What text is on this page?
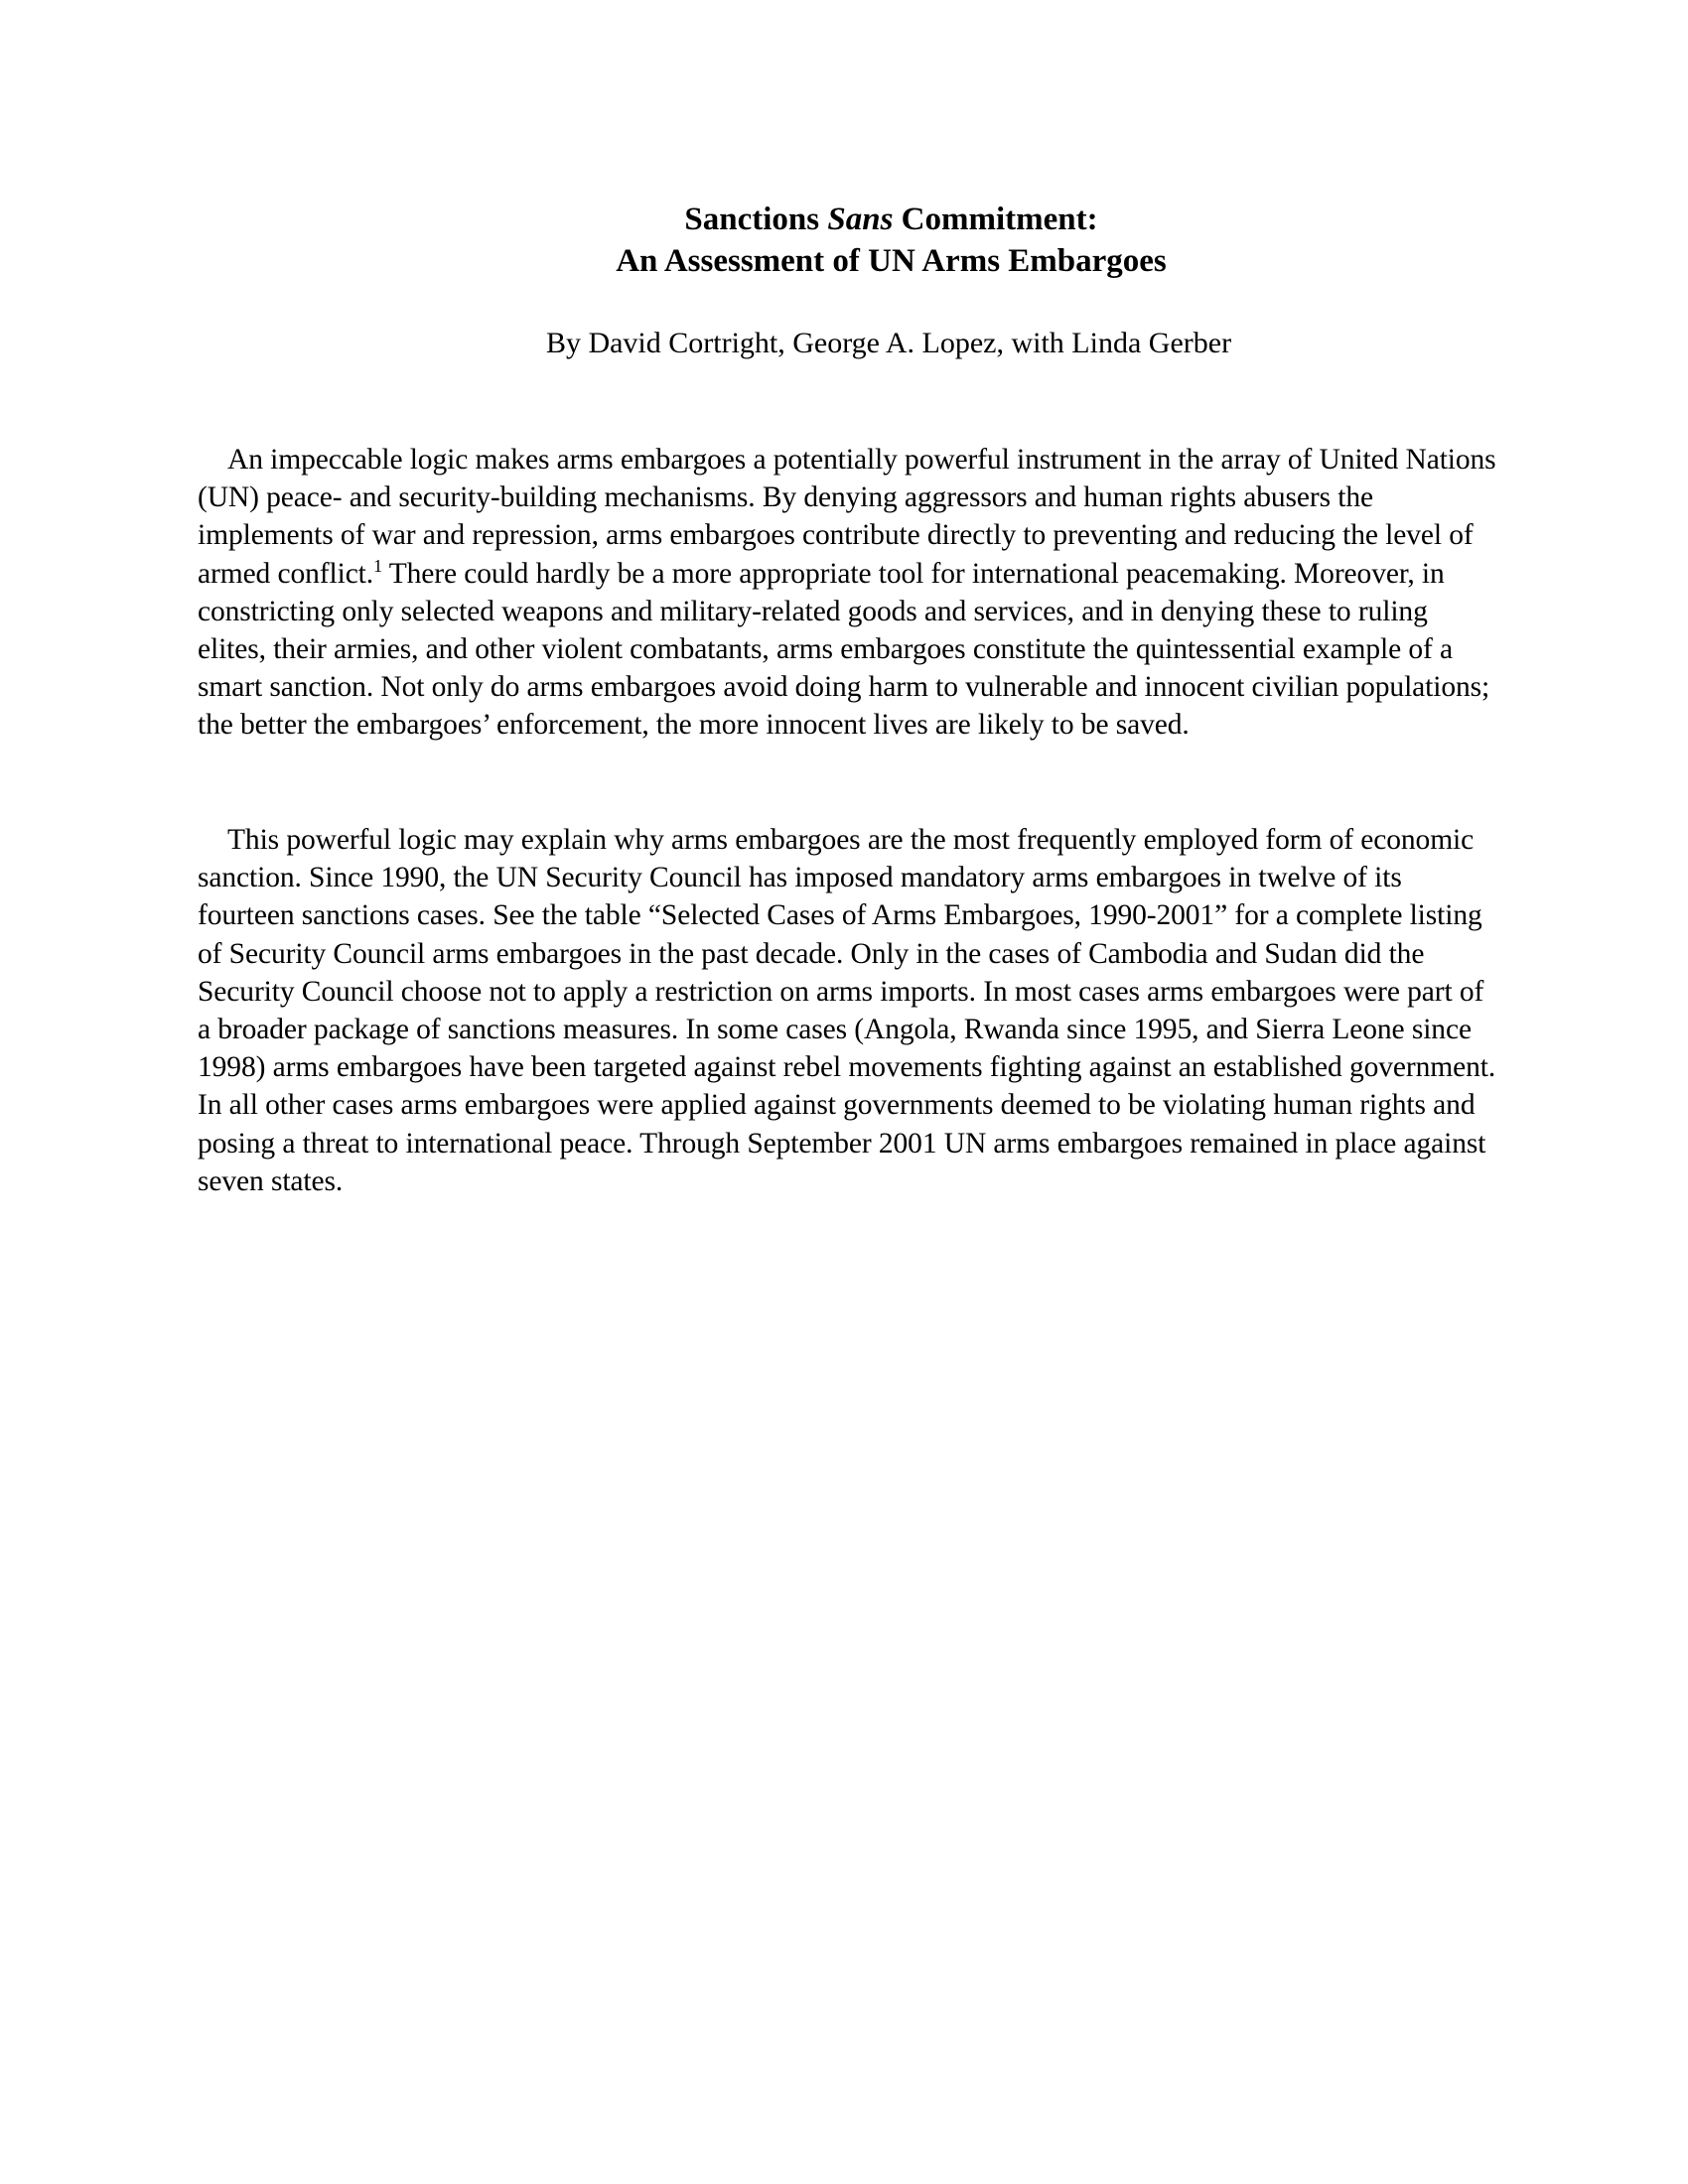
Sanctions Sans Commitment:

An Assessment of UN Arms Embargoes

By David Cortright, George A. Lopez, with Linda Gerber

An impeccable logic makes arms embargoes a potentially powerful instrument in the array of United Nations (UN) peace- and security-building mechanisms. By denying aggressors and human rights abusers the implements of war and repression, arms embargoes contribute directly to preventing and reducing the level of armed conflict.$^1$ There could hardly be a more appropriate tool for international peacemaking. Moreover, in constricting only selected weapons and military-related goods and services, and in denying these to ruling elites, their armies, and other violent combatants, arms embargoes constitute the quintessential example of a smart sanction. Not only do arms embargoes avoid doing harm to vulnerable and innocent civilian populations; the better the embargoes’ enforcement, the more innocent lives are likely to be saved.

This powerful logic may explain why arms embargoes are the most frequently employed form of economic sanction. Since 1990, the UN Security Council has imposed mandatory arms embargoes in twelve of its fourteen sanctions cases. See the table “Selected Cases of Arms Embargoes, 1990-2001” for a complete listing of Security Council arms embargoes in the past decade. Only in the cases of Cambodia and Sudan did the Security Council choose not to apply a restriction on arms imports. In most cases arms embargoes were part of a broader package of sanctions measures. In some cases (Angola, Rwanda since 1995, and Sierra Leone since 1998) arms embargoes have been targeted against rebel movements fighting against an established government. In all other cases arms embargoes were applied against governments deemed to be violating human rights and posing a threat to international peace. Through September 2001 UN arms embargoes remained in place against seven states.
